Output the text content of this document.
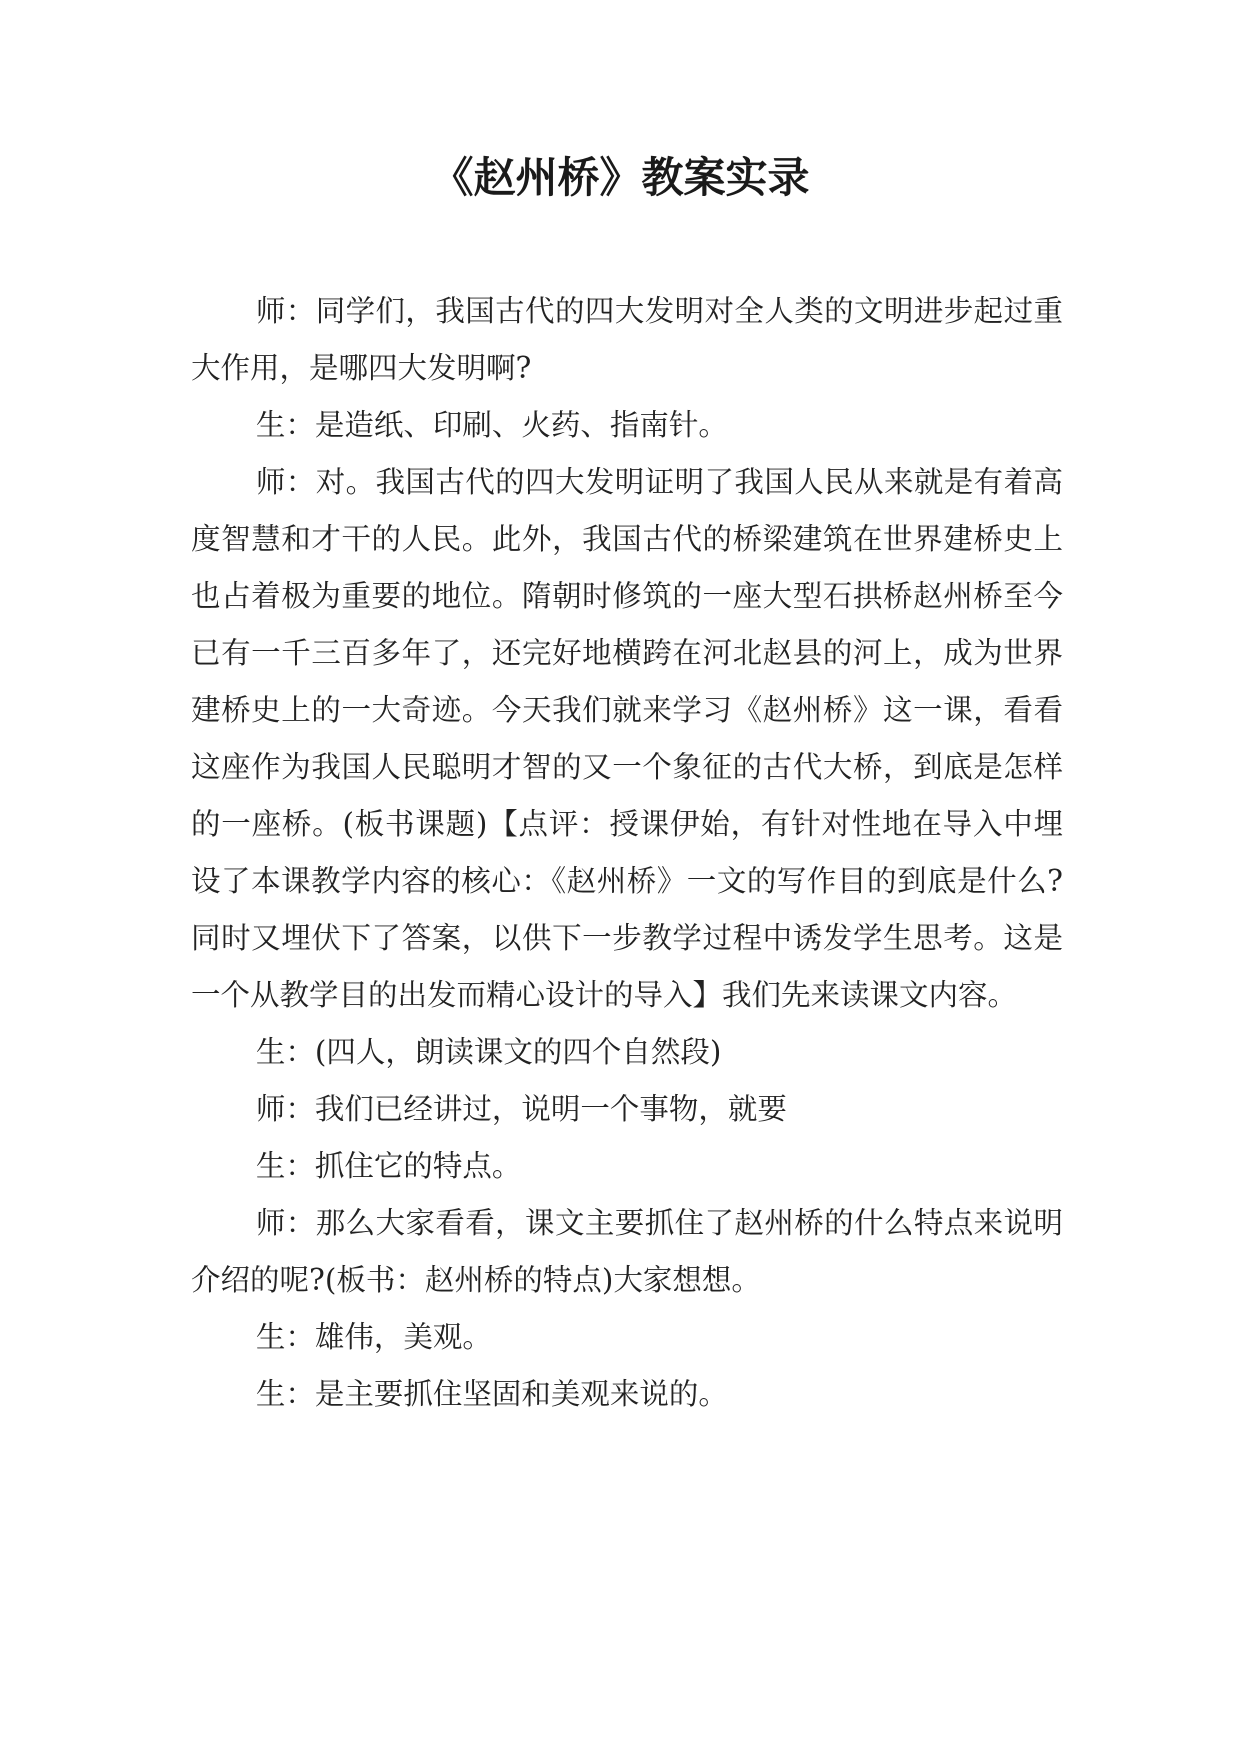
《赵州桥》教案实录

师：同学们，我国古代的四大发明对全人类的文明进步起过重大作用，是哪四大发明啊?

生：是造纸、印刷、火药、指南针。

师：对。我国古代的四大发明证明了我国人民从来就是有着高度智慧和才干的人民。此外，我国古代的桥梁建筑在世界建桥史上也占着极为重要的地位。隋朝时修筑的一座大型石拱桥赵州桥至今已有一千三百多年了，还完好地横跨在河北赵县的河上，成为世界建桥史上的一大奇迹。今天我们就来学习《赵州桥》这一课，看看这座作为我国人民聪明才智的又一个象征的古代大桥，到底是怎样的一座桥。(板书课题)【点评：授课伊始，有针对性地在导入中埋设了本课教学内容的核心：《赵州桥》一文的写作目的到底是什么?同时又埋伏下了答案，以供下一步教学过程中诱发学生思考。这是一个从教学目的出发而精心设计的导入】我们先来读课文内容。

生：(四人，朗读课文的四个自然段)

师：我们已经讲过，说明一个事物，就要

生：抓住它的特点。

师：那么大家看看，课文主要抓住了赵州桥的什么特点来说明介绍的呢?(板书：赵州桥的特点)大家想想。

生：雄伟，美观。

生：是主要抓住坚固和美观来说的。
